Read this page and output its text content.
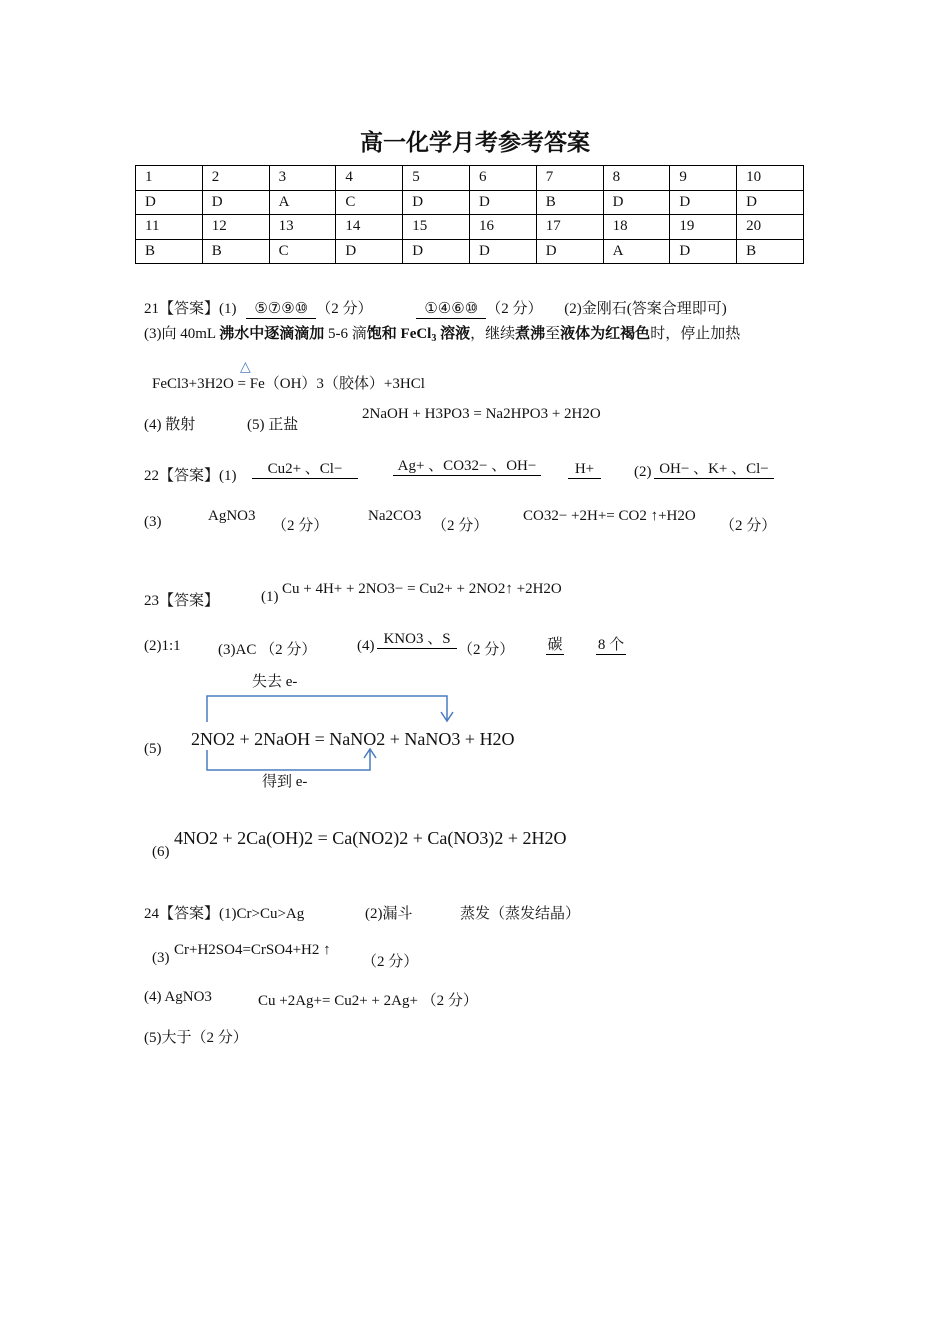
高一化学月考参考答案
1	2	3	4	5	6	7	8	9	10
D	D	A	C	D	D	B	D	D	D
11	12	13	14	15	16	17	18	19	20
B	B	C	D	D	D	D	A	D	B
21【答案】(1) ⑤⑦⑨⑩ （2 分）	①④⑥⑩ （2 分） (2)金刚石(答案合理即可)
(3)向 40mL 沸水中逐滴滴加 5-6 滴饱和 FeCl$_3$ 溶液，继续煮沸至液体为红褐色时，停止加热
△
FeCl3+3H2O = Fe（OH）3（胶体）+3HCl
(4) 散射	(5) 正盐
2NaOH + H3PO3 = Na2HPO3 + 2H2O
22【答案】(1)	Cu2+ 、Cl−	Ag+ 、CO32− 、OH−	H+	(2) OH− 、K+ 、Cl−
(3)	AgNO3
（2 分）
Na2CO3
（2 分）
CO32− +2H+= CO2 ↑+H2O
（2 分）
23【答案】	(1) Cu + 4H+ + 2NO3− = Cu2+ + 2NO2↑ +2H2O
(2)1:1 (3)AC （2 分）	(4) KNO3 、S
（2 分） 碳 8 个
失去 e-
(5) 2NO2 + 2NaOH = NaNO2 + NaNO3 + H2O
得到 e-
(6)
4NO2 + 2Ca(OH)2 = Ca(NO2)2 + Ca(NO3)2 + 2H2O
24【答案】(1)Cr>Cu>Ag	(2)漏斗	蒸发（蒸发结晶）
(3) Cr+H2SO4=CrSO4+H2 ↑
（2 分）
(4) AgNO3	Cu +2Ag+= Cu2+ + 2Ag+ （2 分）
(5)大于（2 分）
